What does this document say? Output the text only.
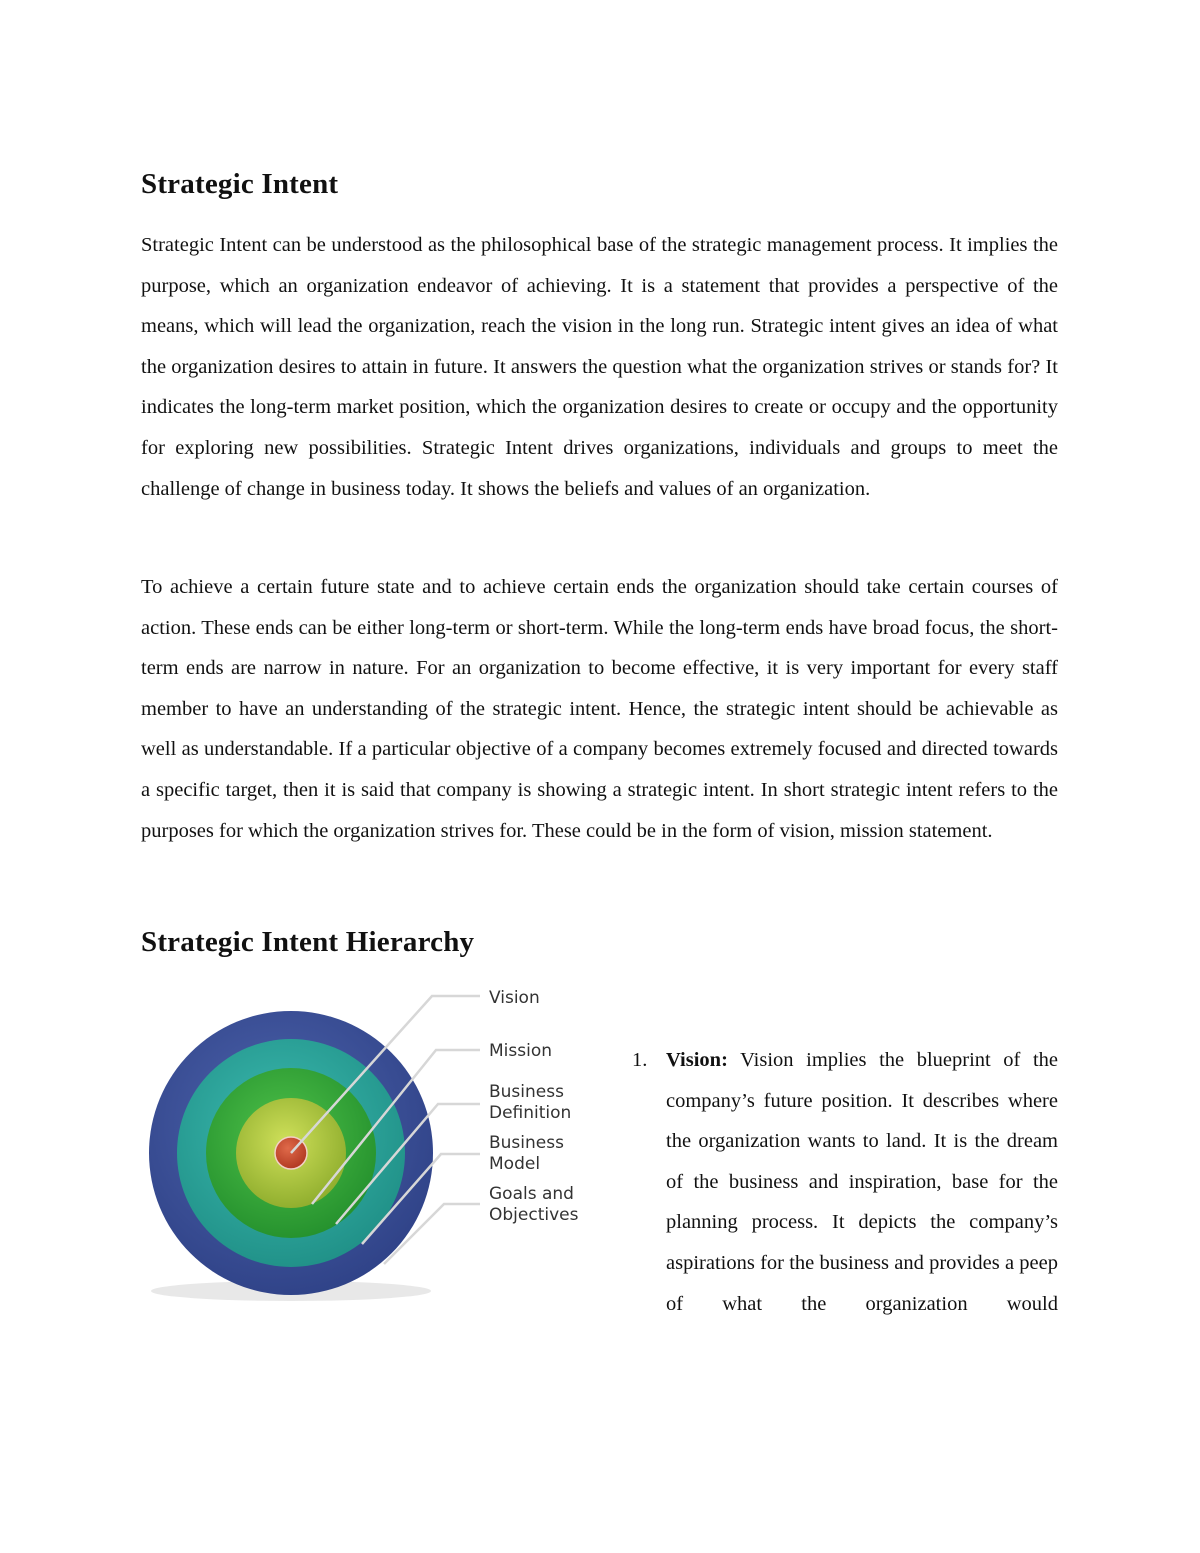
Strategic Intent

Strategic Intent can be understood as the philosophical base of the strategic management process. It implies the purpose, which an organization endeavor of achieving. It is a statement that provides a perspective of the means, which will lead the organization, reach the vision in the long run. Strategic intent gives an idea of what the organization desires to attain in future. It answers the question what the organization strives or stands for? It indicates the long-term market position, which the organization desires to create or occupy and the opportunity for exploring new possibilities. Strategic Intent drives organizations, individuals and groups to meet the challenge of change in business today. It shows the beliefs and values of an organization.

To achieve a certain future state and to achieve certain ends the organization should take certain courses of action. These ends can be either long-term or short-term. While the long-term ends have broad focus, the short-term ends are narrow in nature. For an organization to become effective, it is very important for every staff member to have an understanding of the strategic intent. Hence, the strategic intent should be achievable as well as understandable. If a particular objective of a company becomes extremely focused and directed towards a specific target, then it is said that company is showing a strategic intent. In short strategic intent refers to the purposes for which the organization strives for. These could be in the form of vision, mission statement.

Strategic Intent Hierarchy
Vision
Mission
Business
Definition
Business
Model
Goals and
Objectives
1. Vision: Vision implies the blueprint of the company’s future position. It describes where the organization wants to land. It is the dream of the business and inspiration, base for the planning process. It depicts the company’s aspirations for the business and provides a peep of what the organization would
